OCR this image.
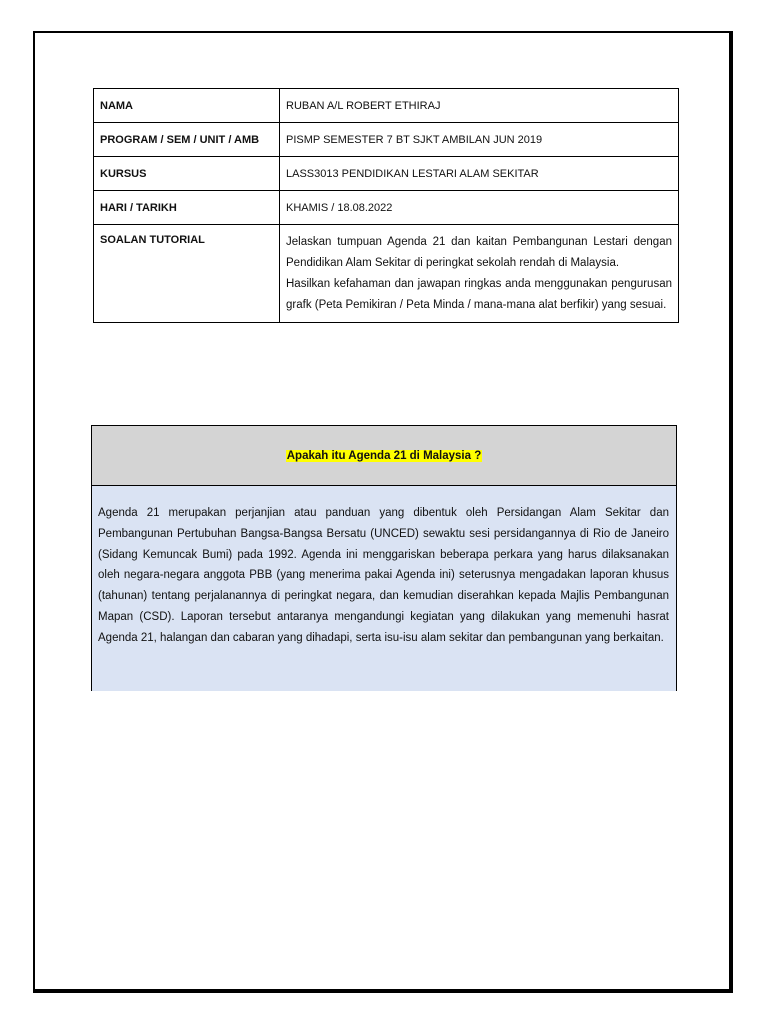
NAMA	RUBAN A/L ROBERT ETHIRAJ
PROGRAM / SEM / UNIT / AMB	PISMP SEMESTER 7 BT SJKT AMBILAN JUN 2019
KURSUS	LASS3013 PENDIDIKAN LESTARI ALAM SEKITAR
HARI / TARIKH	KHAMIS / 18.08.2022
SOALAN TUTORIAL	Jelaskan tumpuan Agenda 21 dan kaitan Pembangunan Lestari dengan Pendidikan Alam Sekitar di peringkat sekolah rendah di Malaysia.

Hasilkan kefahaman dan jawapan ringkas anda menggunakan pengurusan grafk (Peta Pemikiran / Peta Minda / mana-mana alat berfikir) yang sesuai.

Apakah itu Agenda 21 di Malaysia ?
Agenda 21 merupakan perjanjian atau panduan yang dibentuk oleh Persidangan Alam Sekitar dan Pembangunan Pertubuhan Bangsa-Bangsa Bersatu (UNCED) sewaktu sesi persidangannya di Rio de Janeiro (Sidang Kemuncak Bumi) pada 1992. Agenda ini menggariskan beberapa perkara yang harus dilaksanakan oleh negara-negara anggota PBB (yang menerima pakai Agenda ini) seterusnya mengadakan laporan khusus (tahunan) tentang perjalanannya di peringkat negara, dan kemudian diserahkan kepada Majlis Pembangunan Mapan (CSD). Laporan tersebut antaranya mengandungi kegiatan yang dilakukan yang memenuhi hasrat Agenda 21, halangan dan cabaran yang dihadapi, serta isu-isu alam sekitar dan pembangunan yang berkaitan.
